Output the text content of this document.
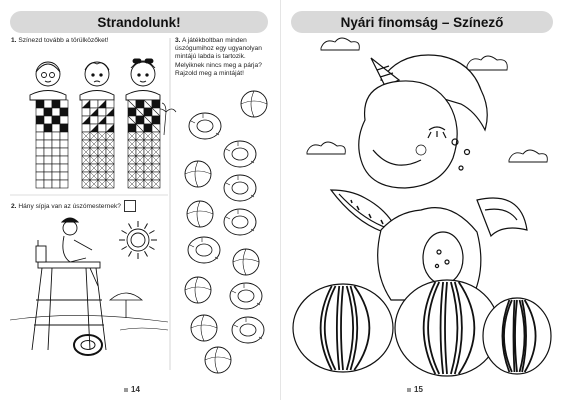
Strandolunk!
1. Színezd tovább a törülközőket!
2. Hány sípja van az úszómesternek?
3. A játékboltban minden úszógumihoz egy ugyanolyan mintájú labda is tartozik. Melyiknek nincs meg a párja? Rajzold meg a mintáját!
14
Nyári finomság – Színező
15
